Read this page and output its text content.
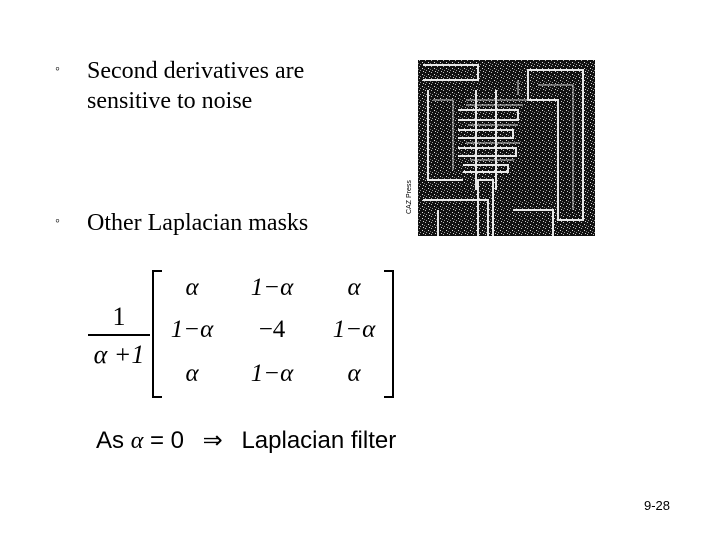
◦	Second derivatives are sensitive to noise
◦	Other Laplacian masks
CAZ Press
1
α +1
α	1−α	α
1−α	−4	1−α
α	1−α	α
As α = 0 ⇒ Laplacian filter
9-28
